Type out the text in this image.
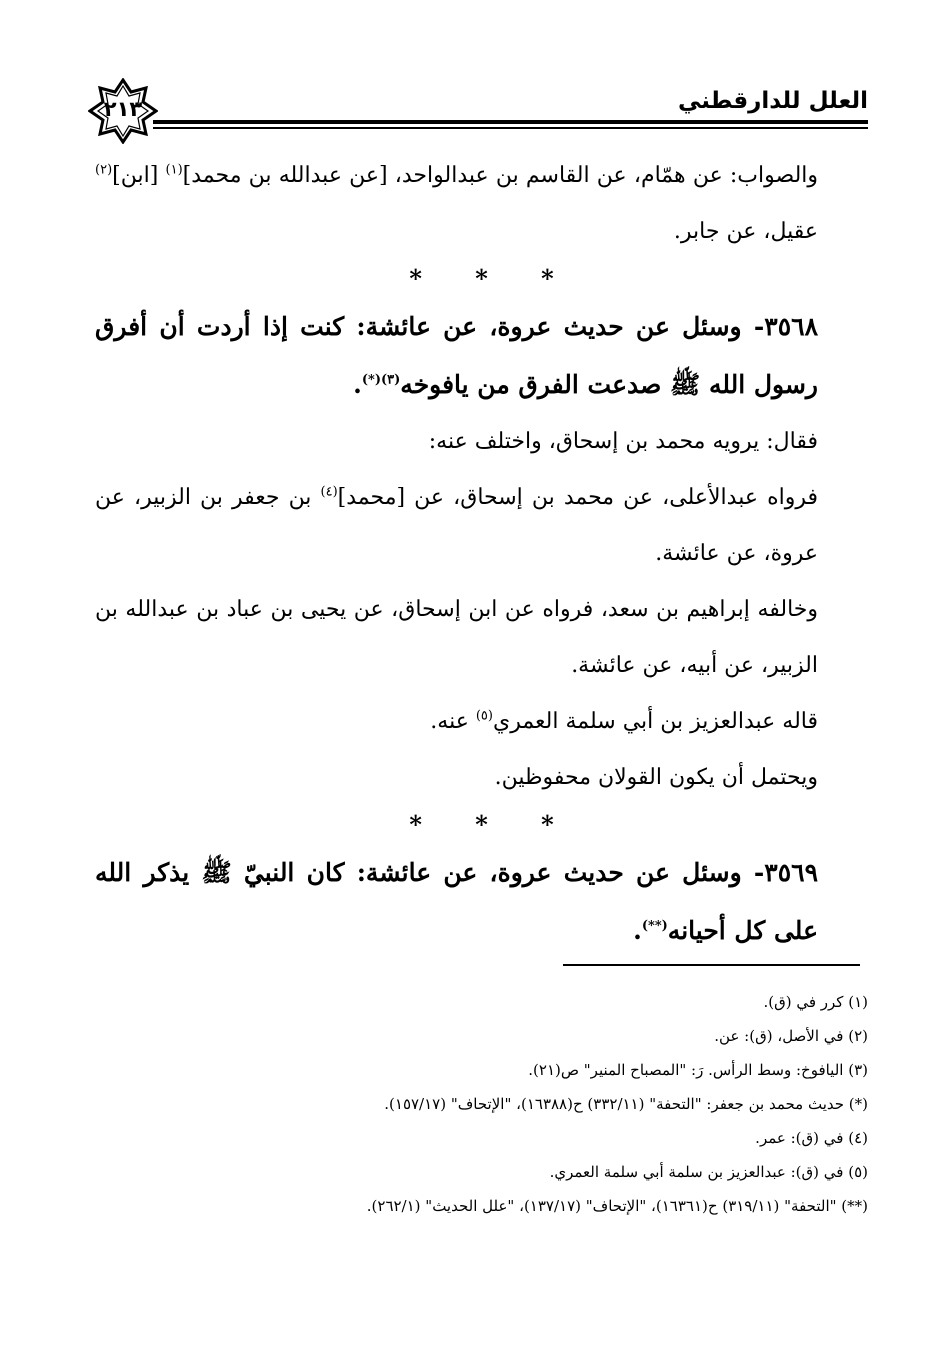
العلل للدارقطني
٢١٣

والصواب: عن همّام، عن القاسم بن عبدالواحد، [عن عبدالله بن محمد]$^{(١)}$ [ابن]$^{(٢)}$ عقيل، عن جابر.

* * *

٣٥٦٨- وسئل عن حديث عروة، عن عائشة: كنت إذا أردت أن أفرق رسول الله ﷺ صدعت الفرق من يافوخه$^{(٣)(*)}$.

فقال: يرويه محمد بن إسحاق، واختلف عنه:

فرواه عبدالأعلى، عن محمد بن إسحاق، عن [محمد]$^{(٤)}$ بن جعفر بن الزبير، عن عروة، عن عائشة.

وخالفه إبراهيم بن سعد، فرواه عن ابن إسحاق، عن يحيى بن عباد بن عبدالله بن الزبير، عن أبيه، عن عائشة.

قاله عبدالعزيز بن أبي سلمة العمري$^{(٥)}$ عنه.

ويحتمل أن يكون القولان محفوظين.

* * *

٣٥٦٩- وسئل عن حديث عروة، عن عائشة: كان النبيّ ﷺ يذكر الله على كل أحيانه(**).

(١) كرر في (ق).
(٢) في الأصل، (ق): عن.
(٣) اليافوخ: وسط الرأس. رَ: "المصباح المنير" ص(٢١).
(*) حديث محمد بن جعفر: "التحفة" (٣٣٢/١١) ح(١٦٣٨٨)، "الإتحاف" (١٥٧/١٧).
(٤) في (ق): عمر.
(٥) في (ق): عبدالعزيز بن سلمة أبي سلمة العمري.
(**) "التحفة" (٣١٩/١١) ح(١٦٣٦١)، "الإتحاف" (١٣٧/١٧)، "علل الحديث" (٢٦٢/١).
